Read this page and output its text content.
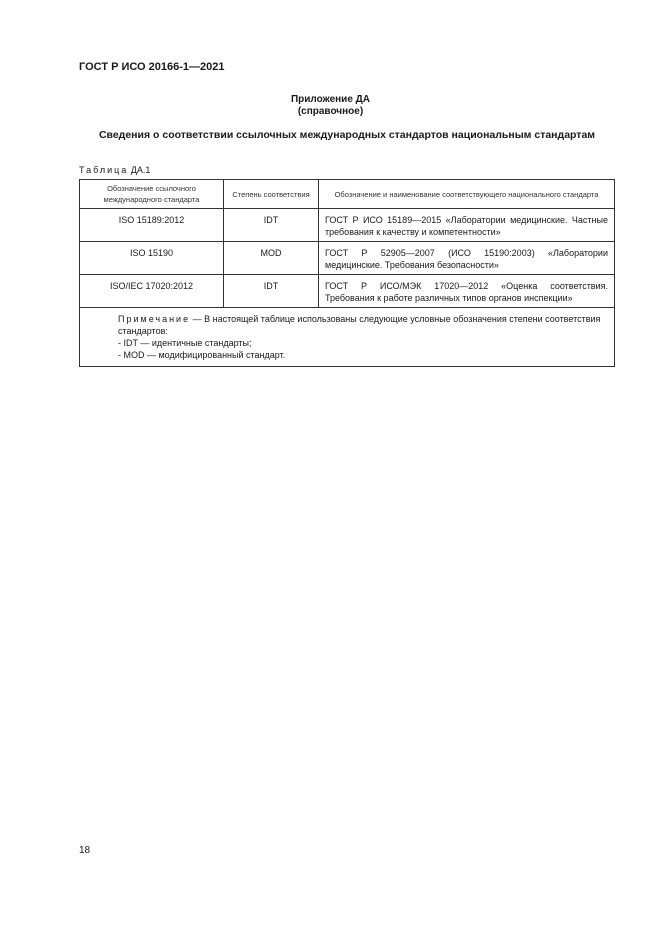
ГОСТ Р ИСО 20166-1—2021
Приложение ДА
(справочное)
Сведения о соответствии ссылочных международных стандартов национальным стандартам
Таблица ДА.1
Обозначение ссылочного международного стандарта	Степень соответствия	Обозначение и наименование соответствующего национального стандарта
ISO 15189:2012	IDT	ГОСТ Р ИСО 15189—2015 «Лаборатории медицинские. Частные требования к качеству и компетентности»
ISO 15190	MOD	ГОСТ Р 52905—2007 (ИСО 15190:2003) «Лаборатории медицинские. Требования безопасности»
ISO/IEC 17020:2012	IDT	ГОСТ Р ИСО/МЭК 17020—2012 «Оценка соответствия. Требования к работе различных типов органов инспекции»

Примечание — В настоящей таблице использованы следующие условные обозначения степени соответствия стандартов:
- IDT — идентичные стандарты;
- MOD — модифицированный стандарт.		
18
